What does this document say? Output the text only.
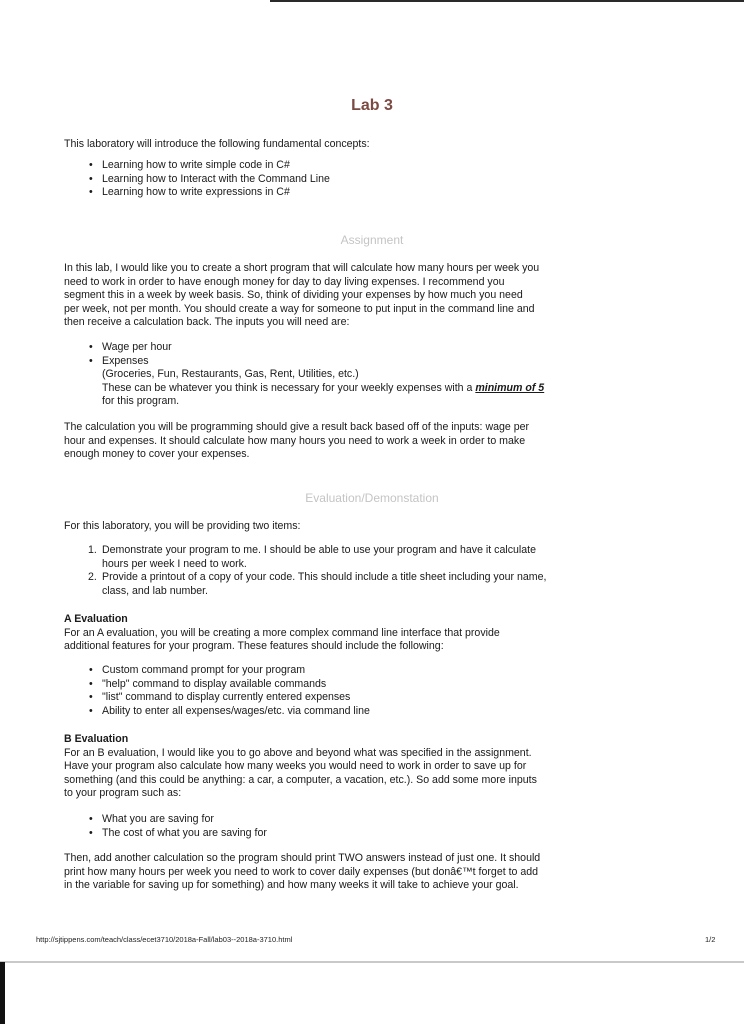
Lab 3

This laboratory will introduce the following fundamental concepts:

• Learning how to write simple code in C#
• Learning how to Interact with the Command Line
• Learning how to write expressions in C#
Assignment

In this lab, I would like you to create a short program that will calculate how many hours per week you

need to work in order to have enough money for day to day living expenses. I recommend you

segment this in a week by week basis. So, think of dividing your expenses by how much you need

per week, not per month. You should create a way for someone to put input in the command line and

then receive a calculation back. The inputs you will need are:

• Wage per hour
• Expenses
(Groceries, Fun, Restaurants, Gas, Rent, Utilities, etc.)
These can be whatever you think is necessary for your weekly expenses with a minimum of 5
for this program.

The calculation you will be programming should give a result back based off of the inputs: wage per

hour and expenses. It should calculate how many hours you need to work a week in order to make

enough money to cover your expenses.

Evaluation/Demonstation

For this laboratory, you will be providing two items:

1. Demonstrate your program to me. I should be able to use your program and have it calculate
hours per week I need to work.
2. Provide a printout of a copy of your code. This should include a title sheet including your name,
class, and lab number.

A Evaluation

For an A evaluation, you will be creating a more complex command line interface that provide

additional features for your program. These features should include the following:

• Custom command prompt for your program
• "help" command to display available commands
• "list" command to display currently entered expenses
• Ability to enter all expenses/wages/etc. via command line

B Evaluation

For an B evaluation, I would like you to go above and beyond what was specified in the assignment.

Have your program also calculate how many weeks you would need to work in order to save up for

something (and this could be anything: a car, a computer, a vacation, etc.). So add some more inputs

to your program such as:

• What you are saving for
• The cost of what you are saving for

Then, add another calculation so the program should print TWO answers instead of just one. It should

print how many hours per week you need to work to cover daily expenses (but donâ€™t forget to add

in the variable for saving up for something) and how many weeks it will take to achieve your goal.

http://sjtippens.com/teach/class/ecet3710/2018a-Fall/lab03--2018a-3710.html	1/2
